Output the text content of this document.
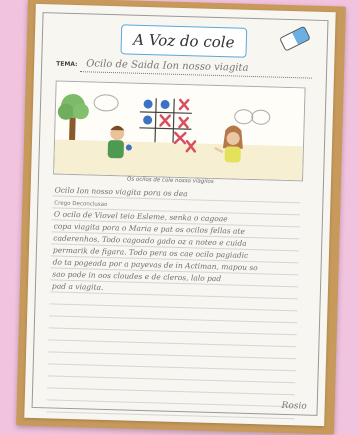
A Voz do cole
TEMA: Ocilo de Saida Ion nosso viagita
Os ocilos de cole nosso viagilos
Ocilo Ion nosso viagita pora os dea
Crego Deconclusao
O ocilo de Viovel teio Esleme, senka o cagoae
copa viagita pora o Maria e pat os ocilos fellas ate
caderenhos, Todo cagoado gado oz a noteo e cuida
permarik de figara. Todo pera os cae ocilo pagiadic
do ta pogeada por a payevas de in Actiman, mapou so
sao pode in oos cloudes e de cleros, lalo pad
pad a viagita.
Rosio
